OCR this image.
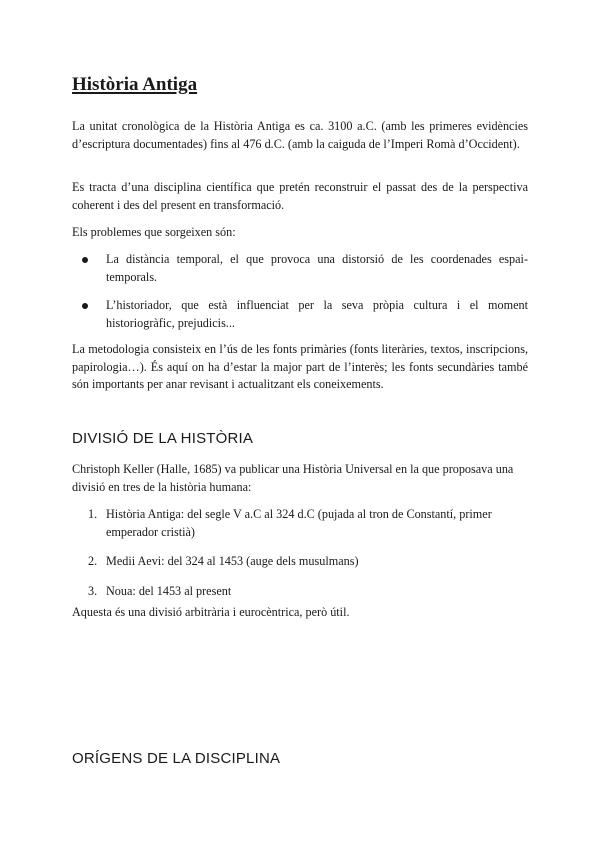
Història Antiga

La unitat cronològica de la Història Antiga es ca. 3100 a.C. (amb les primeres evidències d’escriptura documentades) fins al 476 d.C. (amb la caiguda de l’Imperi Romà d’Occident).

Es tracta d’una disciplina científica que pretén reconstruir el passat des de la perspectiva coherent i des del present en transformació.

Els problemes que sorgeixen són:

La distància temporal, el que provoca una distorsió de les coordenades espai-temporals.
L’historiador, que està influenciat per la seva pròpia cultura i el moment historiogràfic, prejudicis...

La metodologia consisteix en l’ús de les fonts primàries (fonts literàries, textos, inscripcions, papirologia…). És aquí on ha d’estar la major part de l’interès; les fonts secundàries també són importants per anar revisant i actualitzant els coneixements.

DIVISIÓ DE LA HISTÒRIA

Christoph Keller (Halle, 1685) va publicar una Història Universal en la que proposava una divisió en tres de la història humana:

1. Història Antiga: del segle V a.C al 324 d.C (pujada al tron de Constantí, primer emperador cristià)
2. Medii Aevi: del 324 al 1453 (auge dels musulmans)
3. Noua: del 1453 al present

Aquesta és una divisió arbitrària i eurocèntrica, però útil.

ORÍGENS DE LA DISCIPLINA
